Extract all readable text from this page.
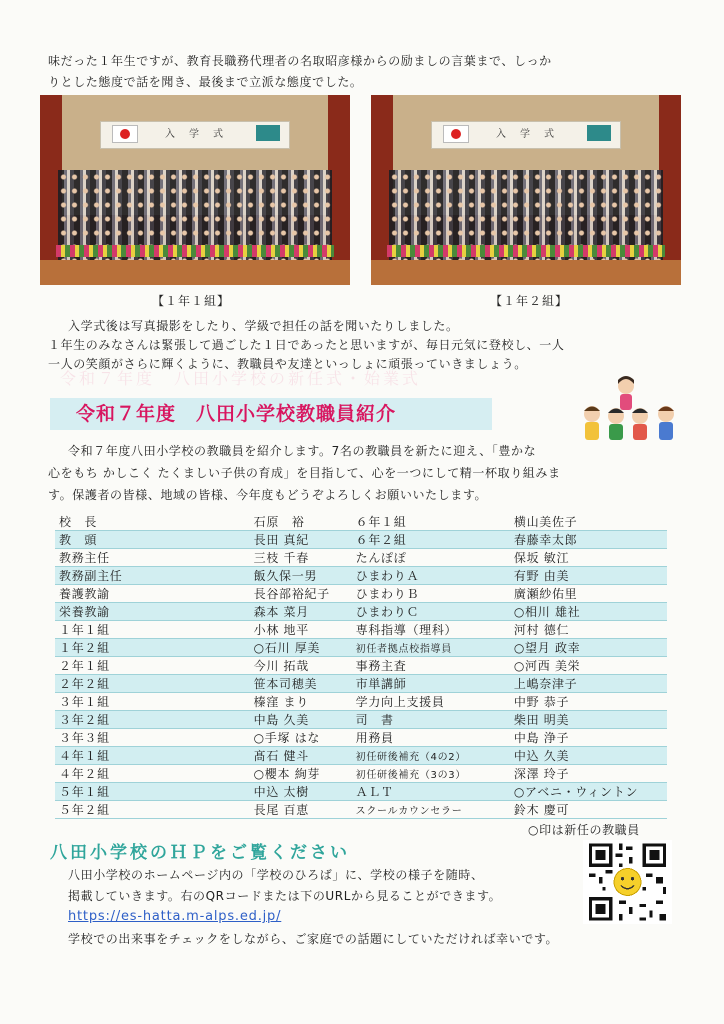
味だった１年生ですが、教育長職務代理者の名取昭彦様からの励ましの言葉まで、しっか
りとした態度で話を聞き、最後まで立派な態度でした。
入　学　式	入　学　式
【１年１組】	【１年２組】
入学式後は写真撮影をしたり、学級で担任の話を聞いたりしました。
１年生のみなさんは緊張して過ごした１日であったと思いますが、毎日元気に登校し、一人
一人の笑顔がさらに輝くように、教職員や友達といっしょに頑張っていきましょう。
令和７年度　八田小学校の新任式・始業式
令和７年度　八田小学校教職員紹介
令和７年度八田小学校の教職員を紹介します。7名の教職員を新たに迎え、「豊かな
心をもち かしこく たくましい子供の育成」を目指して、心を一つにして精一杯取り組みま
す。保護者の皆様、地域の皆様、今年度もどうぞよろしくお願いいたします。
校　長	石原　裕	６年１組	横山美佐子
教　頭	長田 真紀	６年２組	春藤幸太郎
教務主任	三枝 千春	たんぽぽ	保坂 敏江
教務副主任	飯久保一男	ひまわりＡ	有野 由美
養護教諭	長谷部裕紀子	ひまわりＢ	廣瀬紗佑里
栄養教諭	森本 菜月	ひまわりＣ	○相川 雄社
１年１組	小林 地平	専科指導（理科）	河村 德仁
１年２組	○石川 厚美	初任者拠点校指導員	○望月 政幸
２年１組	今川 拓哉	事務主査	○河西 美栄
２年２組	笹本司穂美	市単講師	上嶋奈津子
３年１組	榛窪 まり	学力向上支援員	中野 恭子
３年２組	中島 久美	司　書	柴田 明美
３年３組	○手塚 はな	用務員	中島 浄子
４年１組	髙石 健斗	初任研後補充（4の2）	中込 久美
４年２組	○櫻本 絢芽	初任研後補充（3の3）	深澤 玲子
５年１組	中込 太樹	ＡＬＴ	○アベニ・ウィントン
５年２組	長尾 百恵	スクールカウンセラー	鈴木 慶可
○印は新任の教職員
八田小学校のＨＰをご覧ください
八田小学校のホームページ内の「学校のひろば」に、学校の様子を随時、
掲載していきます。右のQRコードまたは下のURLから見ることができます。
https://es-hatta.m-alps.ed.jp/
学校での出来事をチェックをしながら、ご家庭での話題にしていただければ幸いです。
